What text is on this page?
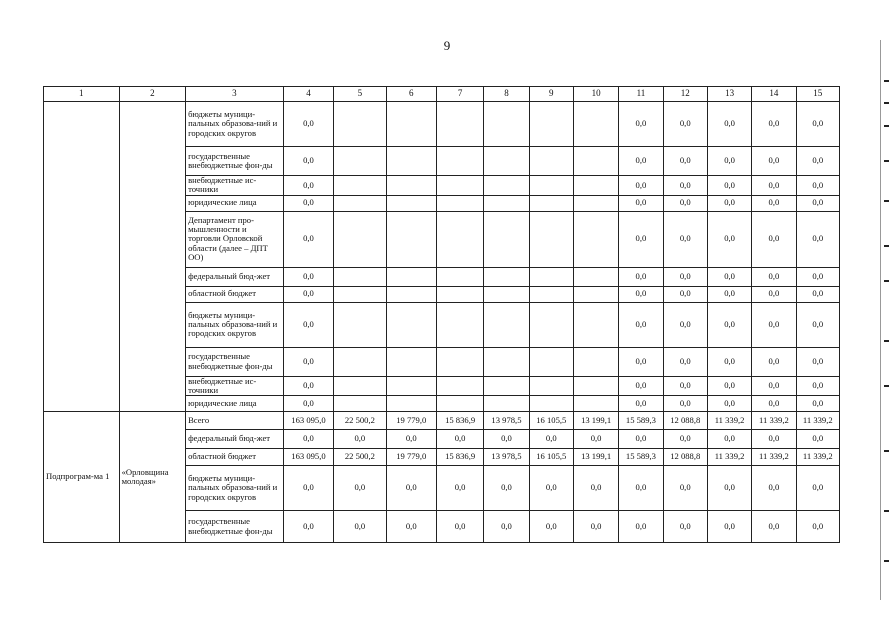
9
1	2	3	4	5	6	7	8	9	10	11	12	13	14	15
		бюджеты муници-пальных образова-ний и городских округов	0,0							0,0	0,0	0,0	0,0	0,0
		государственные внебюджетные фон-ды	0,0							0,0	0,0	0,0	0,0	0,0
		внебюджетные ис-точники	0,0							0,0	0,0	0,0	0,0	0,0
		юридические лица	0,0							0,0	0,0	0,0	0,0	0,0
		Департамент про-мышленности и торговли Орловской области (далее – ДПТ ОО)	0,0							0,0	0,0	0,0	0,0	0,0
		федеральный бюд-жет	0,0							0,0	0,0	0,0	0,0	0,0
		областной бюджет	0,0							0,0	0,0	0,0	0,0	0,0
		бюджеты муници-пальных образова-ний и городских округов	0,0							0,0	0,0	0,0	0,0	0,0
		государственные внебюджетные фон-ды	0,0							0,0	0,0	0,0	0,0	0,0
		внебюджетные ис-точники	0,0							0,0	0,0	0,0	0,0	0,0
		юридические лица	0,0							0,0	0,0	0,0	0,0	0,0
Подпрограм-ма 1	«Орловщина молодая»	Всего	163 095,0	22 500,2	19 779,0	15 836,9	13 978,5	16 105,5	13 199,1	15 589,3	12 088,8	11 339,2	11 339,2	11 339,2
		федеральный бюд-жет	0,0	0,0	0,0	0,0	0,0	0,0	0,0	0,0	0,0	0,0	0,0	0,0
		областной бюджет	163 095,0	22 500,2	19 779,0	15 836,9	13 978,5	16 105,5	13 199,1	15 589,3	12 088,8	11 339,2	11 339,2	11 339,2
		бюджеты муници-пальных образова-ний и городских округов	0,0	0,0	0,0	0,0	0,0	0,0	0,0	0,0	0,0	0,0	0,0	0,0
		государственные внебюджетные фон-ды	0,0	0,0	0,0	0,0	0,0	0,0	0,0	0,0	0,0	0,0	0,0	0,0
